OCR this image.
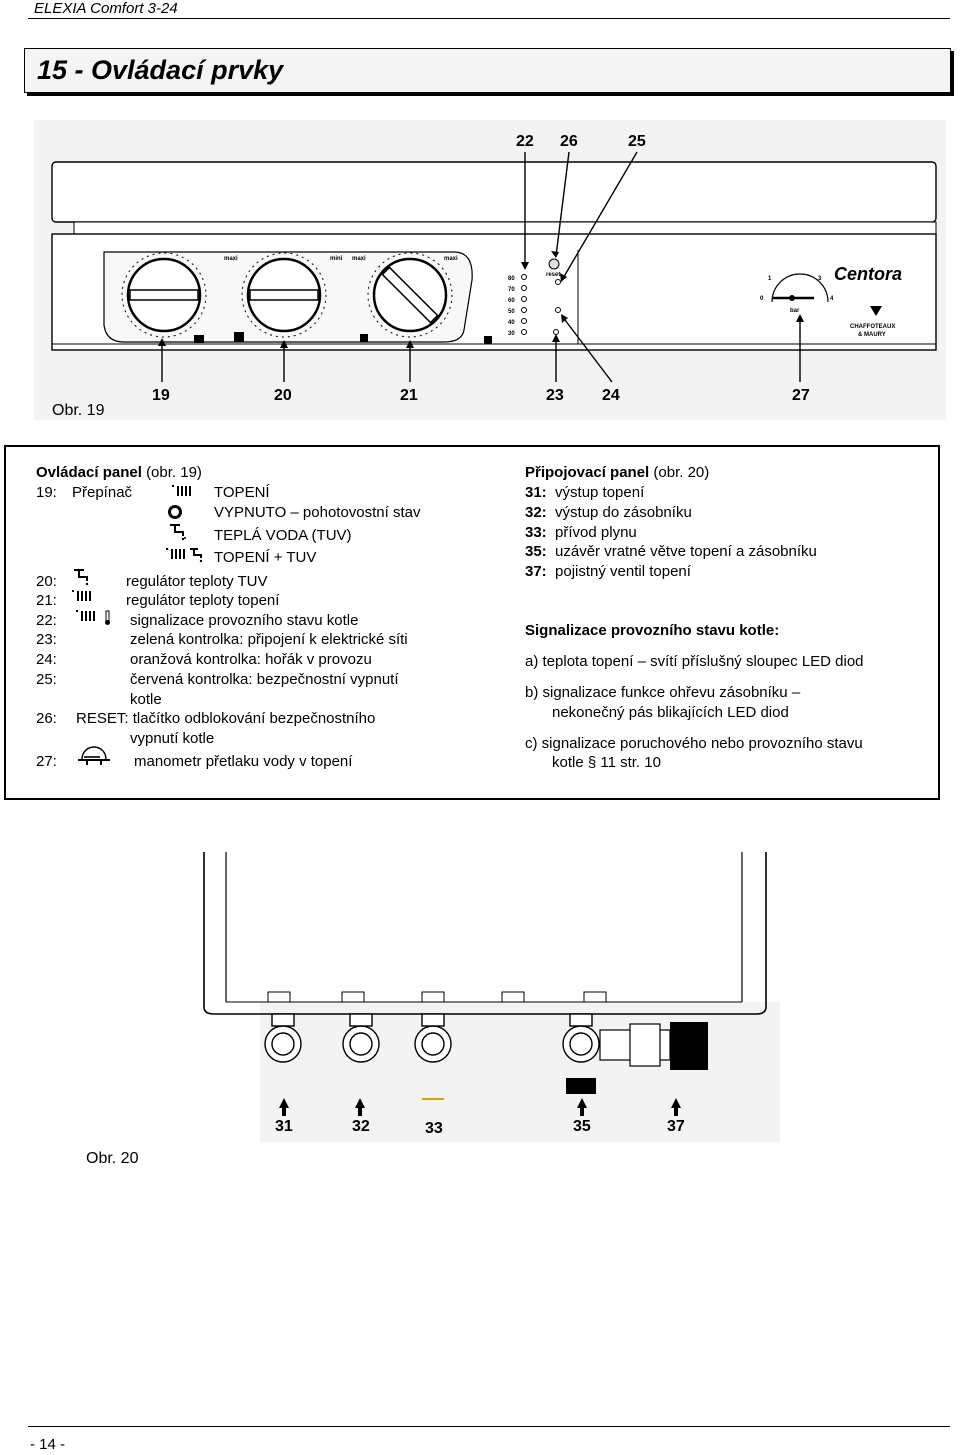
ELEXIA Comfort 3-24
15 - Ovládací prvky
maxi	mini maxi	maxi
80
70
60
50
40
30
reset
1	3
0	4
bar
Centora
CHAFFOTEAUX
& MAURY
22 26	25
19	20	21	23 24	27
Obr. 19
Ovládací panel (obr. 19)
19: Přepínač	TOPENÍ
VYPNUTO – pohotovostní stav
TEPLÁ VODA (TUV)
TOPENÍ + TUV
20:	regulátor teploty TUV
21:	regulátor teploty topení
22:	signalizace provozního stavu kotle
23:	zelená kontrolka: připojení k elektrické síti
24:	oranžová kontrolka: hořák v provozu
25:	červená kontrolka: bezpečnostní vypnutí
kotle
26: RESET: tlačítko odblokování bezpečnostního
vypnutí kotle
27:	manometr přetlaku vody v topení
Připojovací panel (obr. 20)
31: výstup topení
32: výstup do zásobníku
33: přívod plynu
35: uzávěr vratné větve topení a zásobníku
37: pojistný ventil topení
Signalizace provozního stavu kotle:
a) teplota topení – svítí příslušný sloupec LED diod
b) signalizace funkce ohřevu zásobníku –
nekonečný pás blikajících LED diod
c) signalizace poruchového nebo provozního stavu
kotle § 11 str. 10
31	32	33	35	37
Obr. 20
- 14 -
